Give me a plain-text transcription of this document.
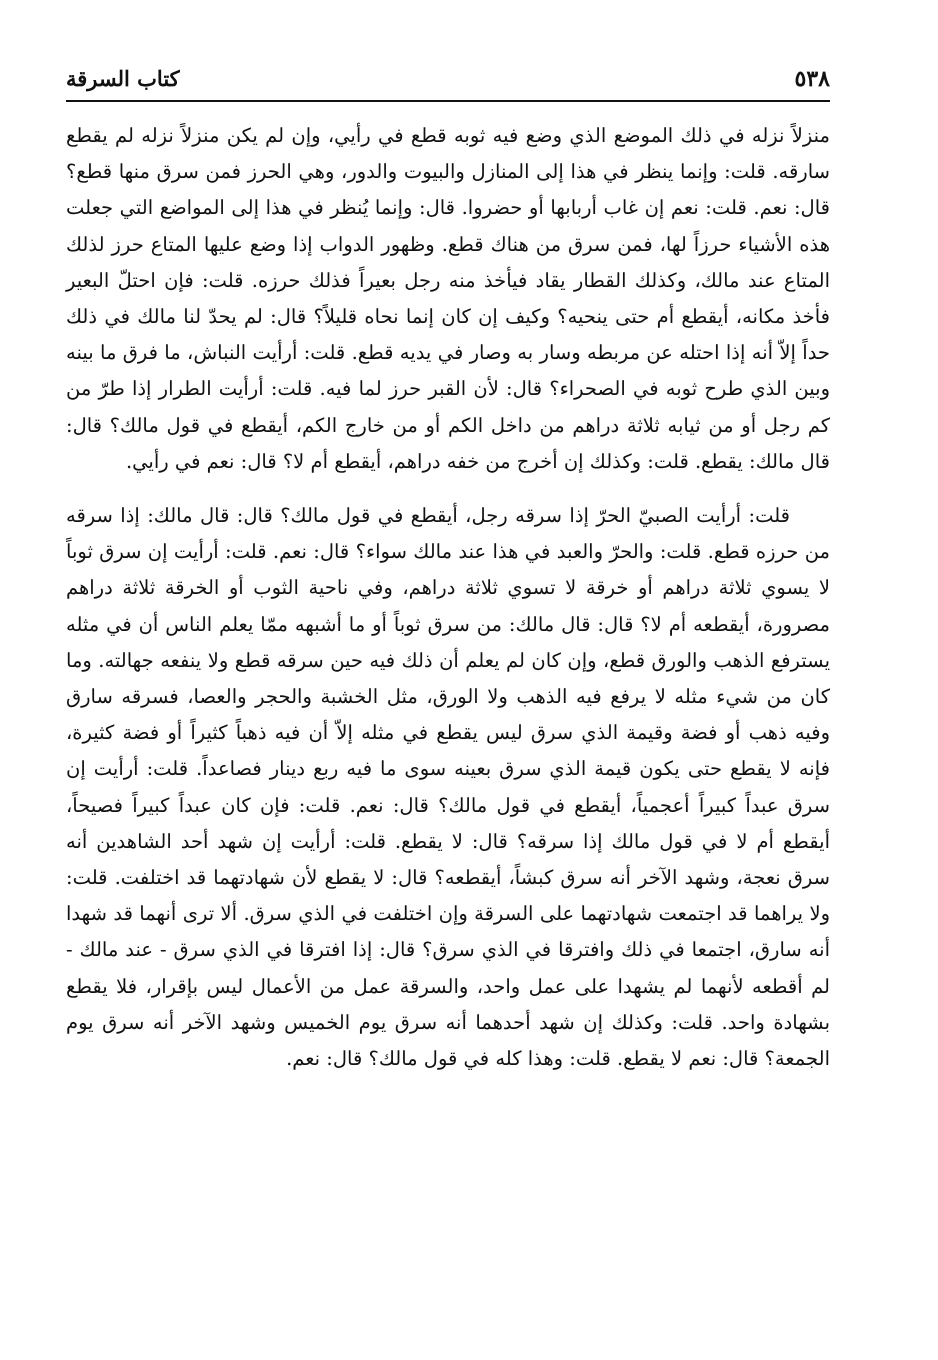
كتاب السرقة	٥٣٨

منزلاً نزله في ذلك الموضع الذي وضع فيه ثوبه قطع في رأيي، وإن لم يكن منزلاً نزله لم يقطع سارقه. قلت: وإنما ينظر في هذا إلى المنازل والبيوت والدور، وهي الحرز فمن سرق منها قطع؟ قال: نعم. قلت: نعم إن غاب أربابها أو حضروا. قال: وإنما يُنظر في هذا إلى المواضع التي جعلت هذه الأشياء حرزاً لها، فمن سرق من هناك قطع. وظهور الدواب إذا وضع عليها المتاع حرز لذلك المتاع عند مالك، وكذلك القطار يقاد فيأخذ منه رجل بعيراً فذلك حرزه. قلت: فإن احتلّ البعير فأخذ مكانه، أيقطع أم حتى ينحيه؟ وكيف إن كان إنما نحاه قليلاً؟ قال: لم يحدّ لنا مالك في ذلك حداً إلاّ أنه إذا احتله عن مربطه وسار به وصار في يديه قطع. قلت: أرأيت النباش، ما فرق ما بينه وبين الذي طرح ثوبه في الصحراء؟ قال: لأن القبر حرز لما فيه. قلت: أرأيت الطرار إذا طرّ من كم رجل أو من ثيابه ثلاثة دراهم من داخل الكم أو من خارج الكم، أيقطع في قول مالك؟ قال: قال مالك: يقطع. قلت: وكذلك إن أخرج من خفه دراهم، أيقطع أم لا؟ قال: نعم في رأيي.

قلت: أرأيت الصبيّ الحرّ إذا سرقه رجل، أيقطع في قول مالك؟ قال: قال مالك: إذا سرقه من حرزه قطع. قلت: والحرّ والعبد في هذا عند مالك سواء؟ قال: نعم. قلت: أرأيت إن سرق ثوباً لا يسوي ثلاثة دراهم أو خرقة لا تسوي ثلاثة دراهم، وفي ناحية الثوب أو الخرقة ثلاثة دراهم مصرورة، أيقطعه أم لا؟ قال: قال مالك: من سرق ثوباً أو ما أشبهه ممّا يعلم الناس أن في مثله يسترفع الذهب والورق قطع، وإن كان لم يعلم أن ذلك فيه حين سرقه قطع ولا ينفعه جهالته. وما كان من شيء مثله لا يرفع فيه الذهب ولا الورق، مثل الخشبة والحجر والعصا، فسرقه سارق وفيه ذهب أو فضة وقيمة الذي سرق ليس يقطع في مثله إلاّ أن فيه ذهباً كثيراً أو فضة كثيرة، فإنه لا يقطع حتى يكون قيمة الذي سرق بعينه سوى ما فيه ربع دينار فصاعداً. قلت: أرأيت إن سرق عبداً كبيراً أعجمياً، أيقطع في قول مالك؟ قال: نعم. قلت: فإن كان عبداً كبيراً فصيحاً، أيقطع أم لا في قول مالك إذا سرقه؟ قال: لا يقطع. قلت: أرأيت إن شهد أحد الشاهدين أنه سرق نعجة، وشهد الآخر أنه سرق كبشاً، أيقطعه؟ قال: لا يقطع لأن شهادتهما قد اختلفت. قلت: ولا يراهما قد اجتمعت شهادتهما على السرقة وإن اختلفت في الذي سرق. ألا ترى أنهما قد شهدا أنه سارق، اجتمعا في ذلك وافترقا في الذي سرق؟ قال: إذا افترقا في الذي سرق - عند مالك - لم أقطعه لأنهما لم يشهدا على عمل واحد، والسرقة عمل من الأعمال ليس بإقرار، فلا يقطع بشهادة واحد. قلت: وكذلك إن شهد أحدهما أنه سرق يوم الخميس وشهد الآخر أنه سرق يوم الجمعة؟ قال: نعم لا يقطع. قلت: وهذا كله في قول مالك؟ قال: نعم.
